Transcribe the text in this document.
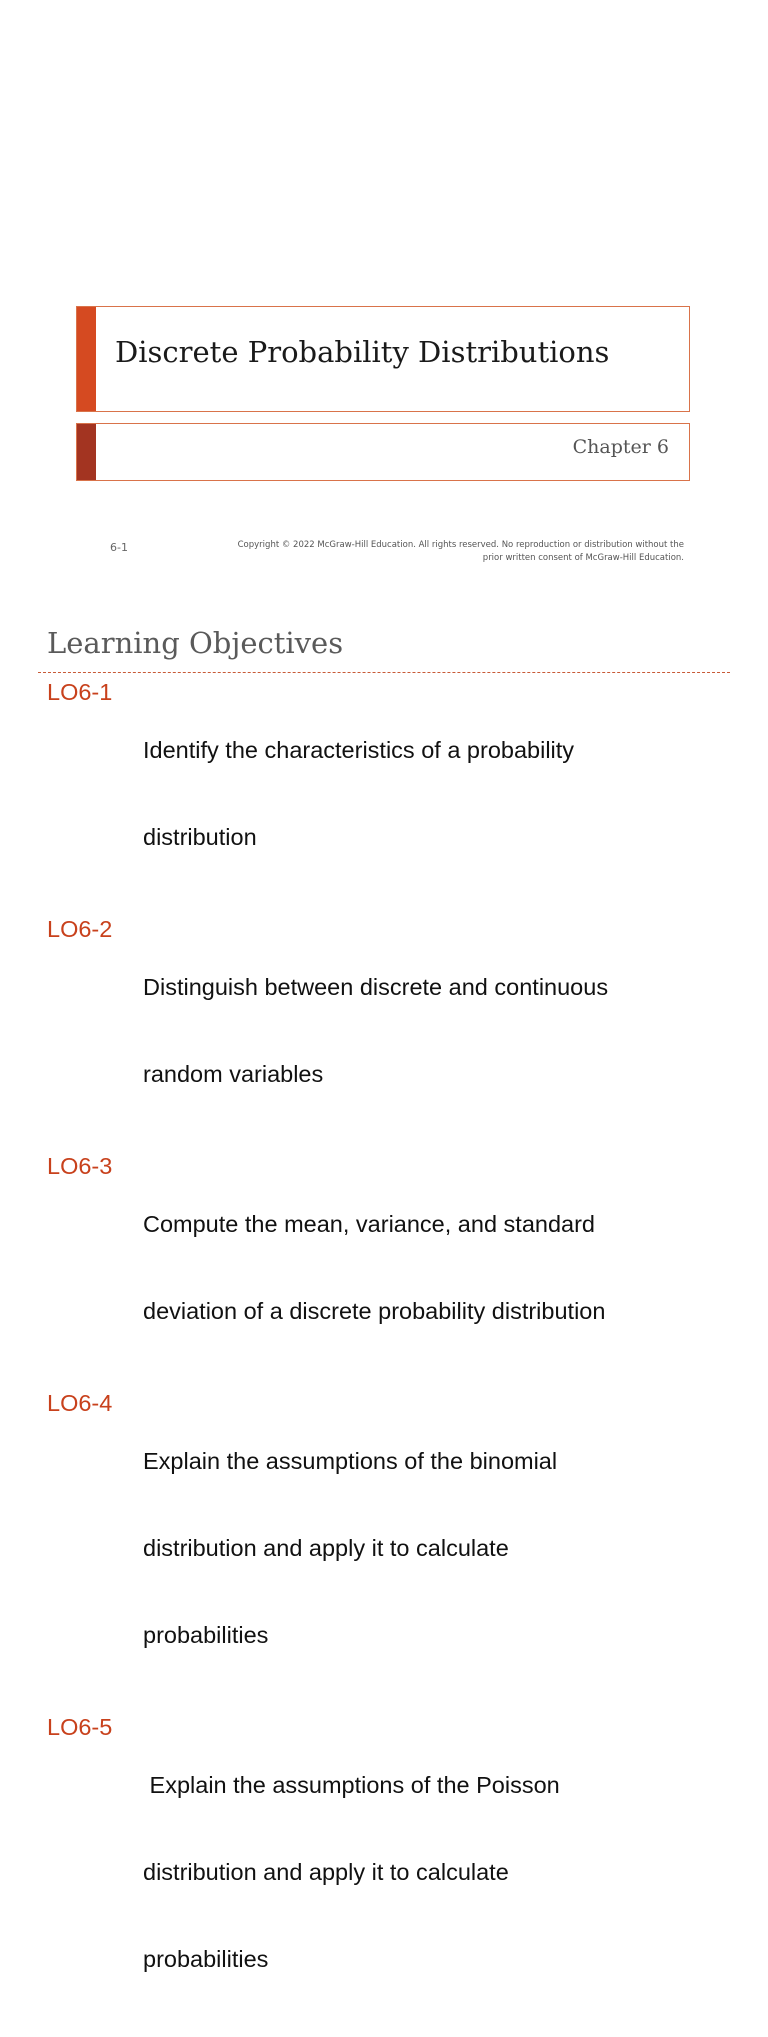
Discrete Probability Distributions
Chapter 6
6-1	Copyright © 2022 McGraw-Hill Education. All rights reserved. No reproduction or distribution without the
prior written consent of McGraw-Hill Education.
Learning Objectives
LO6-1

Identify the characteristics of a probability

distribution

LO6-2

Distinguish between discrete and continuous

random variables

LO6-3

Compute the mean, variance, and standard

deviation of a discrete probability distribution

LO6-4

Explain the assumptions of the binomial

distribution and apply it to calculate

probabilities

LO6-5

Explain the assumptions of the Poisson

distribution and apply it to calculate

probabilities
